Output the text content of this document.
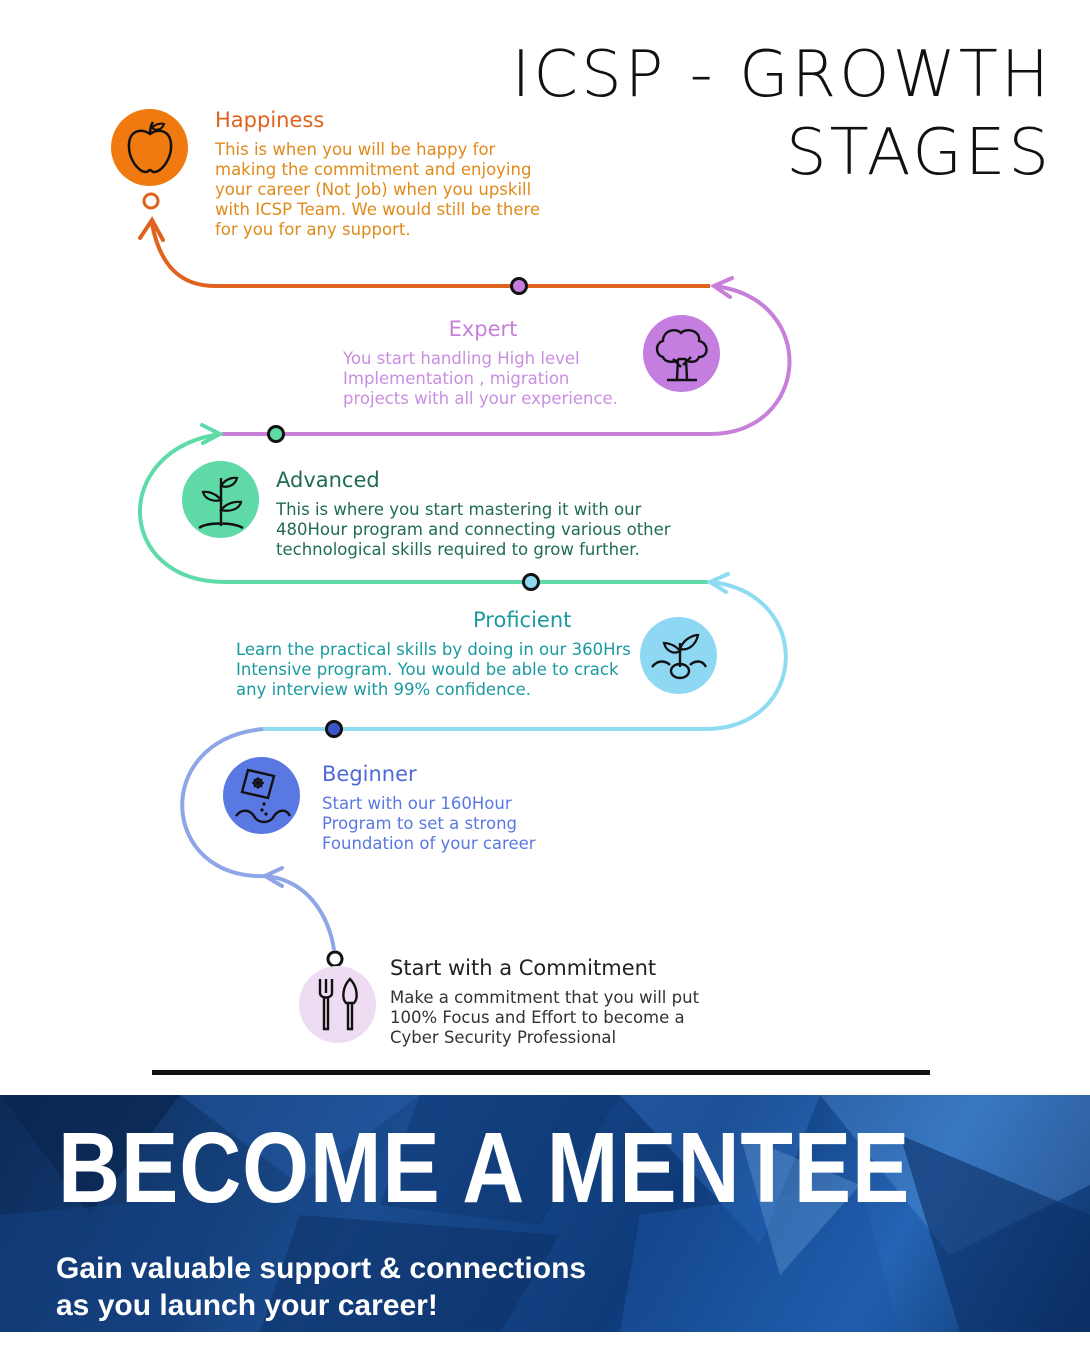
ICSP - GROWTH
STAGES
Happiness

This is when you will be happy for making the commitment and enjoying your career (Not Job) when you upskill with ICSP Team. We would still be there for you for any support.

Expert

You start handling High level Implementation , migration projects with all your experience.

Advanced

This is where you start mastering it with our 480Hour program and connecting various other technological skills required to grow further.

Proficient

Learn the practical skills by doing in our 360Hrs Intensive program. You would be able to crack any interview with 99% confidence.

Beginner

Start with our 160Hour Program to set a strong Foundation of your career

Start with a Commitment

Make a commitment that you will put 100% Focus and Effort to become a Cyber Security Professional

BECOME A MENTEE
Gain valuable support & connections
as you launch your career!
